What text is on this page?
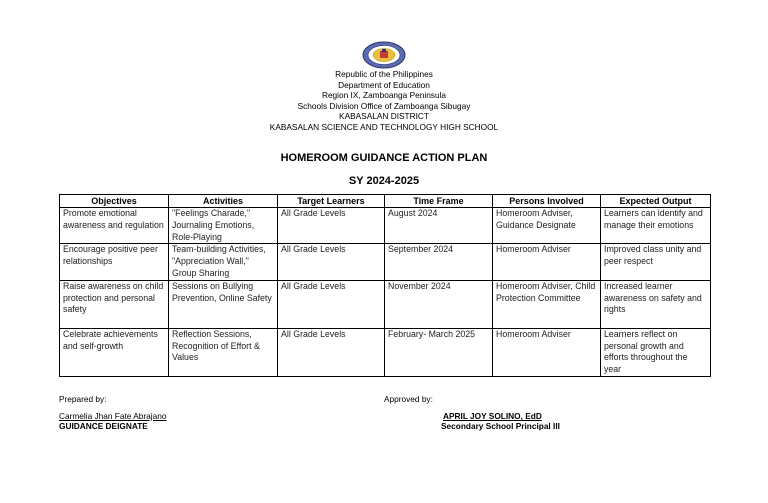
Republic of the Philippines
Department of Education
Region IX, Zamboanga Peninsula
Schools Division Office of Zamboanga Sibugay
KABASALAN DISTRICT
KABASALAN SCIENCE AND TECHNOLOGY HIGH SCHOOL
HOMEROOM GUIDANCE ACTION PLAN
SY 2024-2025
Objectives	Activities	Target Learners	Time Frame	Persons Involved	Expected Output
Promote emotional awareness and regulation	"Feelings Charade," Journaling Emotions, Role-Playing	All Grade Levels	August 2024	Homeroom Adviser, Guidance Designate	Learners can identify and manage their emotions
Encourage positive peer relationships	Team-building Activities, "Appreciation Wall," Group Sharing	All Grade Levels	September 2024	Homeroom Adviser	Improved class unity and peer respect
Raise awareness on child protection and personal safety	Sessions on Bullying Prevention, Online Safety	All Grade Levels	November 2024	Homeroom Adviser, Child Protection Committee	Increased learner awareness on safety and rights
Celebrate achievements and self-growth	Reflection Sessions, Recognition of Effort & Values	All Grade Levels	February- March 2025	Homeroom Adviser	Learners reflect on personal growth and efforts throughout the year
Prepared by:
Carmelia Jhan Fate Abrajano
GUIDANCE DEIGNATE
Approved by:
APRIL JOY SOLINO, EdD
Secondary School Principal III
